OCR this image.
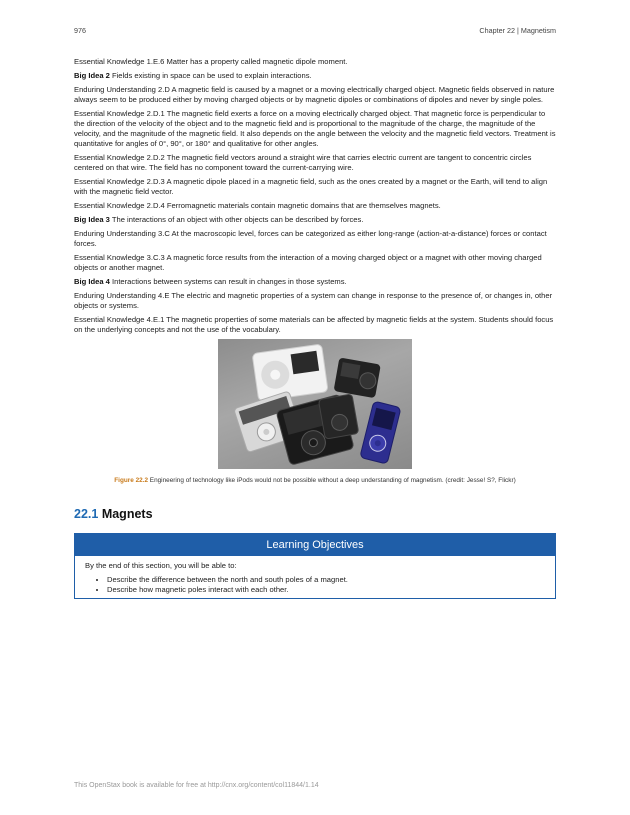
976	Chapter 22 | Magnetism

Essential Knowledge 1.E.6 Matter has a property called magnetic dipole moment.

Big Idea 2 Fields existing in space can be used to explain interactions.

Enduring Understanding 2.D A magnetic field is caused by a magnet or a moving electrically charged object. Magnetic fields observed in nature always seem to be produced either by moving charged objects or by magnetic dipoles or combinations of dipoles and never by single poles.

Essential Knowledge 2.D.1 The magnetic field exerts a force on a moving electrically charged object. That magnetic force is perpendicular to the direction of the velocity of the object and to the magnetic field and is proportional to the magnitude of the charge, the magnitude of the velocity, and the magnitude of the magnetic field. It also depends on the angle between the velocity and the magnetic field vectors. Treatment is quantitative for angles of 0°, 90°, or 180° and qualitative for other angles.

Essential Knowledge 2.D.2 The magnetic field vectors around a straight wire that carries electric current are tangent to concentric circles centered on that wire. The field has no component toward the current-carrying wire.

Essential Knowledge 2.D.3 A magnetic dipole placed in a magnetic field, such as the ones created by a magnet or the Earth, will tend to align with the magnetic field vector.

Essential Knowledge 2.D.4 Ferromagnetic materials contain magnetic domains that are themselves magnets.

Big Idea 3 The interactions of an object with other objects can be described by forces.

Enduring Understanding 3.C At the macroscopic level, forces can be categorized as either long-range (action-at-a-distance) forces or contact forces.

Essential Knowledge 3.C.3 A magnetic force results from the interaction of a moving charged object or a magnet with other moving charged objects or another magnet.

Big Idea 4 Interactions between systems can result in changes in those systems.

Enduring Understanding 4.E The electric and magnetic properties of a system can change in response to the presence of, or changes in, other objects or systems.

Essential Knowledge 4.E.1 The magnetic properties of some materials can be affected by magnetic fields at the system. Students should focus on the underlying concepts and not the use of the vocabulary.

Figure 22.2 Engineering of technology like iPods would not be possible without a deep understanding of magnetism. (credit: Jesse! S?, Flickr)
22.1 Magnets
Learning Objectives
By the end of this section, you will be able to:
• Describe the difference between the north and south poles of a magnet.
• Describe how magnetic poles interact with each other.
This OpenStax book is available for free at http://cnx.org/content/col11844/1.14
